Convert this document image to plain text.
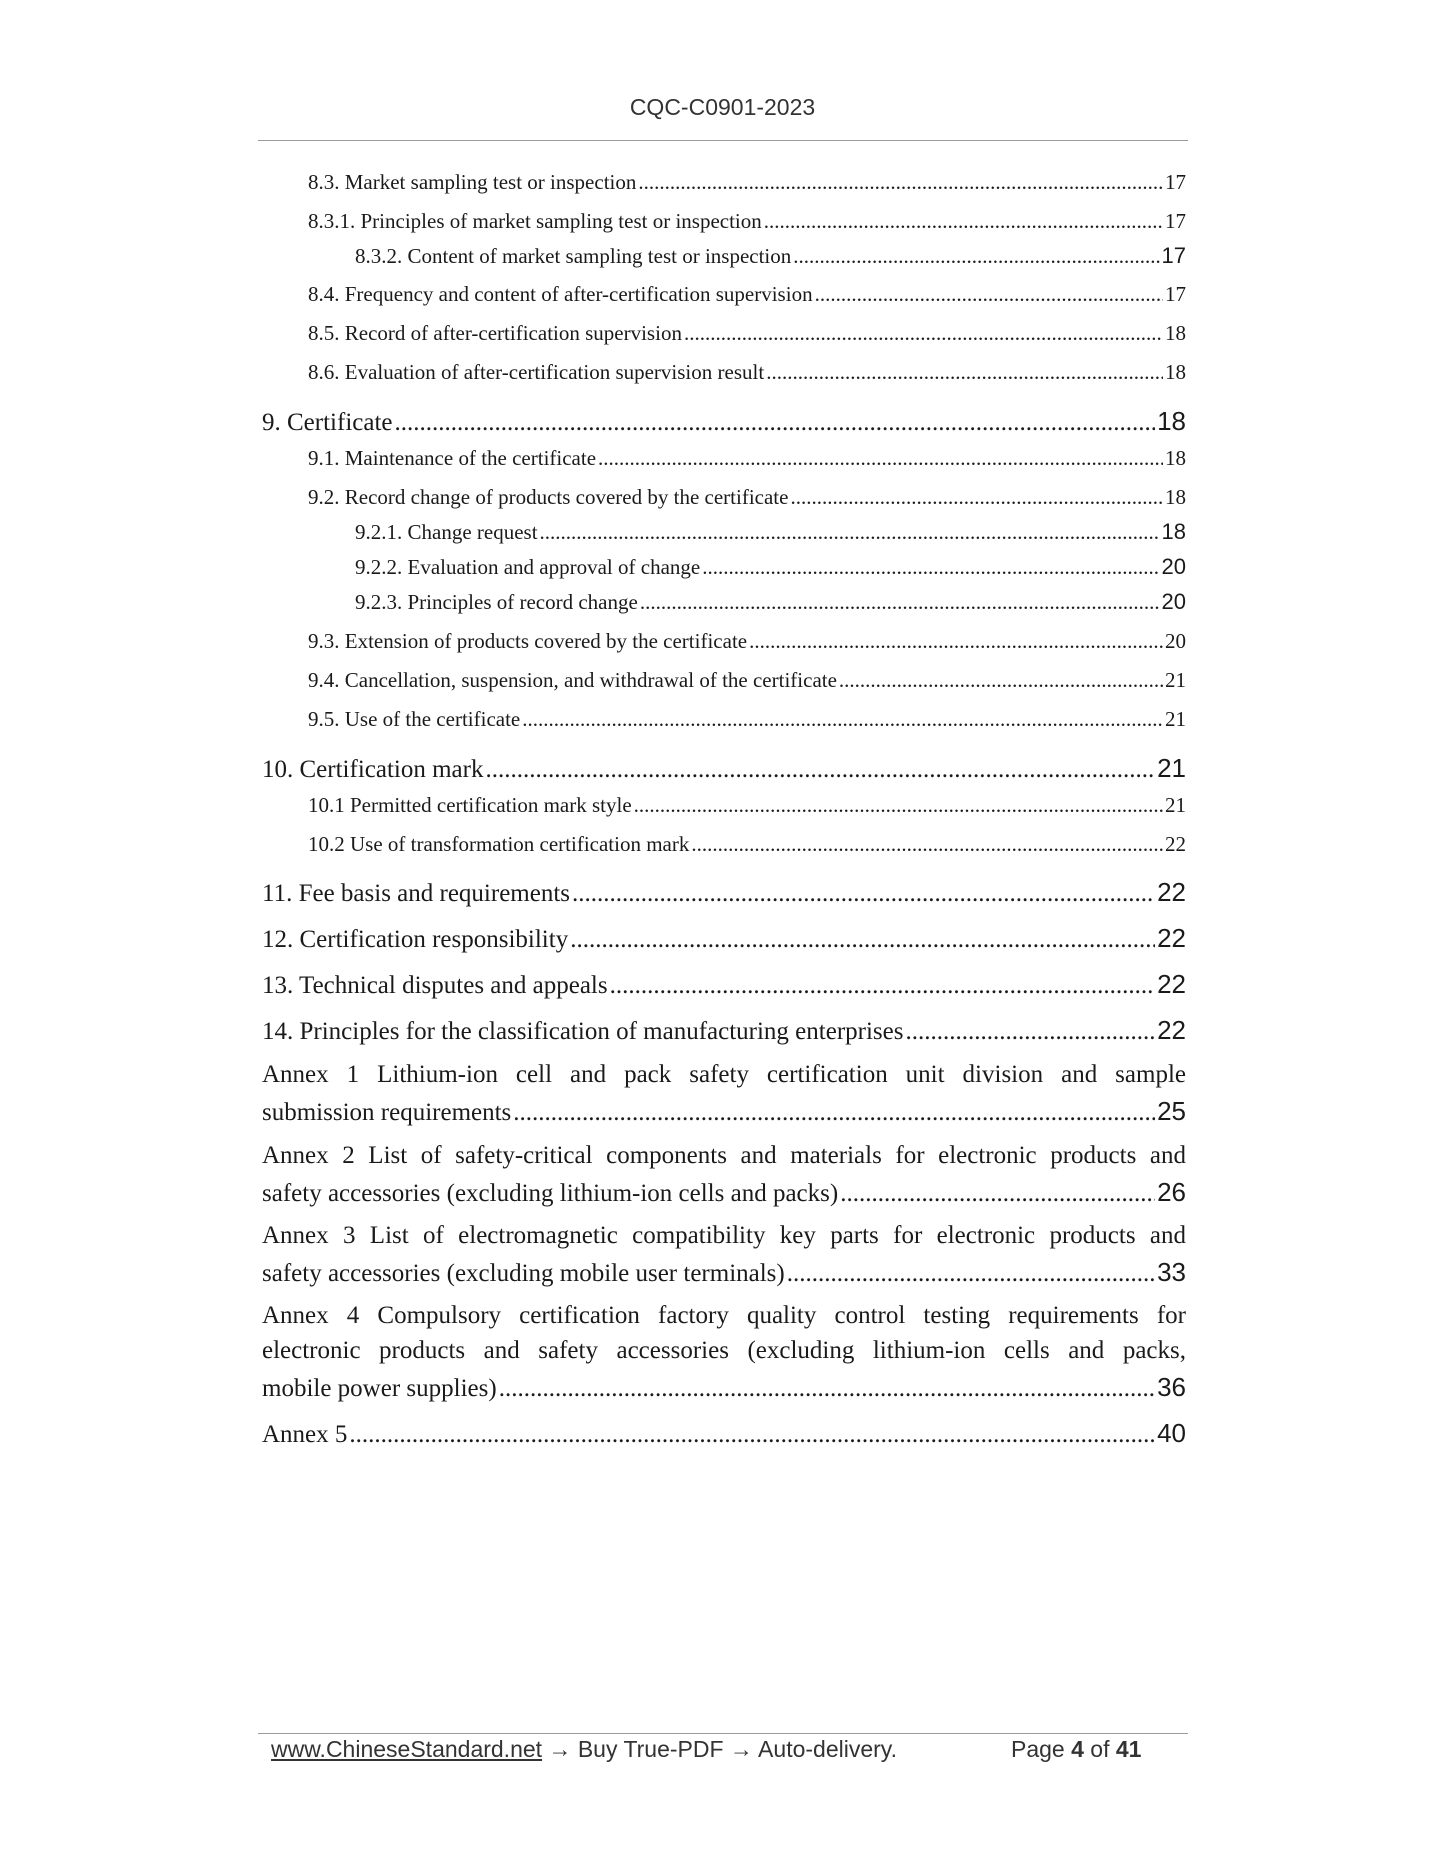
CQC-C0901-2023
8.3. Market sampling test or inspection .....	17
8.3.1. Principles of market sampling test or inspection .....	17
8.3.2. Content of market sampling test or inspection .....	17
8.4. Frequency and content of after-certification supervision .....	17
8.5. Record of after-certification supervision .....	18
8.6. Evaluation of after-certification supervision result .....	18
9. Certificate .....	18
9.1. Maintenance of the certificate .....	18
9.2. Record change of products covered by the certificate .....	18
9.2.1. Change request .....	18
9.2.2. Evaluation and approval of change .....	20
9.2.3. Principles of record change .....	20
9.3. Extension of products covered by the certificate .....	20
9.4. Cancellation, suspension, and withdrawal of the certificate .....	21
9.5. Use of the certificate .....	21
10. Certification mark .....	21
10.1 Permitted certification mark style .....	21
10.2 Use of transformation certification mark .....	22
11. Fee basis and requirements .....	22
12. Certification responsibility .....	22
13. Technical disputes and appeals .....	22
14. Principles for the classification of manufacturing enterprises .....	22
Annex 1 Lithium-ion cell and pack safety certification unit division and sample
submission requirements .....	25
Annex 2 List of safety-critical components and materials for electronic products and
safety accessories (excluding lithium-ion cells and packs) .....	26
Annex 3 List of electromagnetic compatibility key parts for electronic products and
safety accessories (excluding mobile user terminals) .....	33
Annex 4 Compulsory certification factory quality control testing requirements for
electronic products and safety accessories (excluding lithium-ion cells and packs,
mobile power supplies) .....	36
Annex 5 .....	40
www.ChineseStandard.net → Buy True-PDF → Auto-delivery.	Page 4 of 41
